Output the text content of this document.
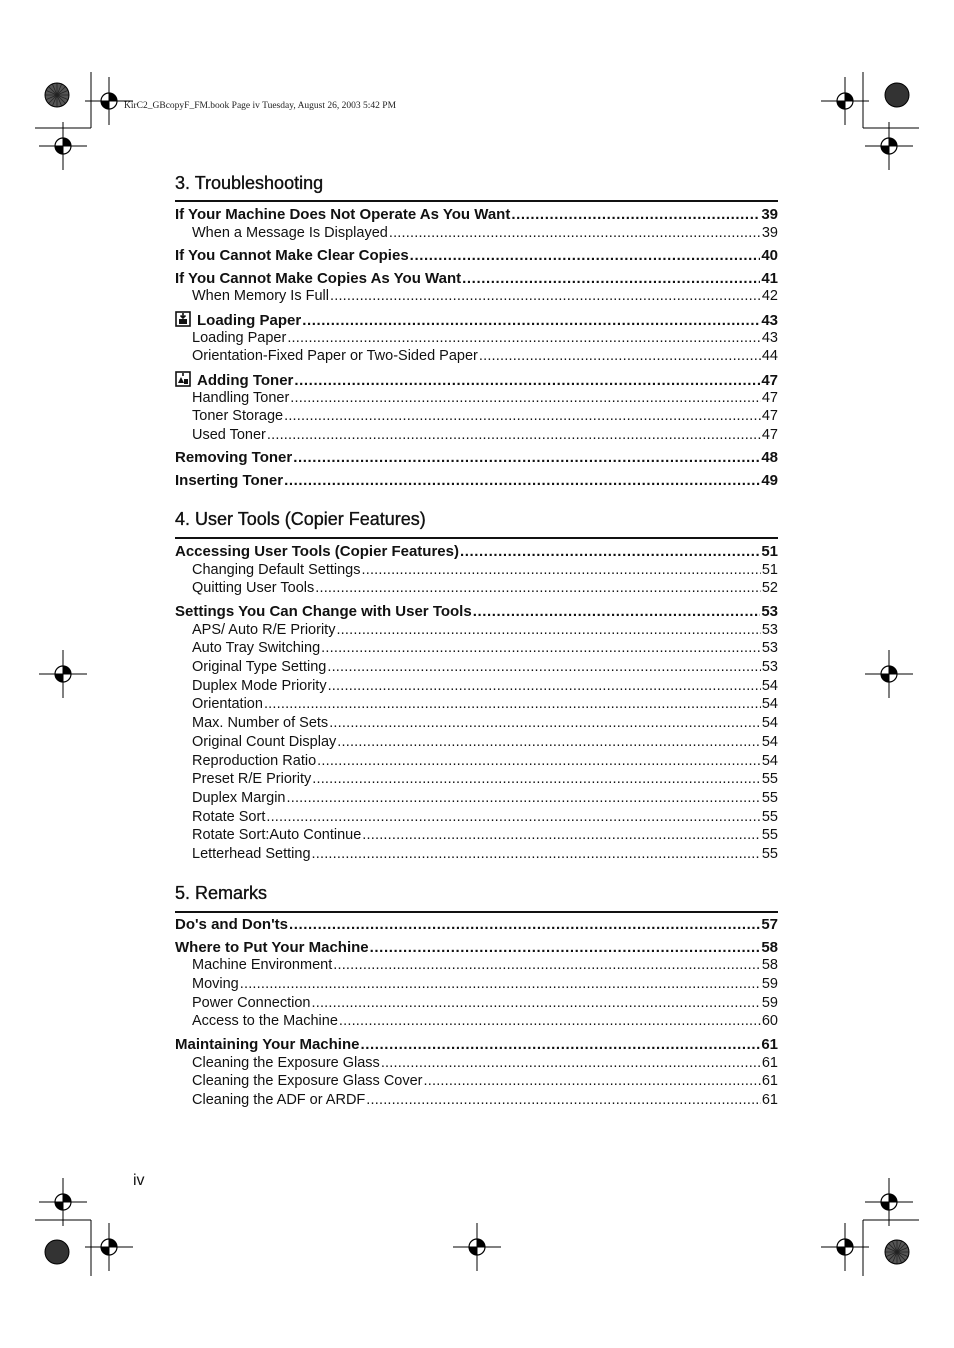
KirC2_GBcopyF_FM.book Page iv Tuesday, August 26, 2003 5:42 PM
3. Troubleshooting
If Your Machine Does Not Operate As You Want .....	39
When a Message Is Displayed .....	39
If You Cannot Make Clear Copies .....	40
If You Cannot Make Copies As You Want .....	41
When Memory Is Full .....	42
Loading Paper .....	43
Loading Paper .....	43
Orientation-Fixed Paper or Two-Sided Paper .....	44
Adding Toner .....	47
Handling Toner .....	47
Toner Storage .....	47
Used Toner .....	47
Removing Toner .....	48
Inserting Toner .....	49
4. User Tools (Copier Features)
Accessing User Tools (Copier Features) .....	51
Changing Default Settings .....	51
Quitting User Tools .....	52
Settings You Can Change with User Tools .....	53
APS/ Auto R/E Priority .....	53
Auto Tray Switching .....	53
Original Type Setting .....	53
Duplex Mode Priority .....	54
Orientation .....	54
Max. Number of Sets .....	54
Original Count Display .....	54
Reproduction Ratio .....	54
Preset R/E Priority .....	55
Duplex Margin .....	55
Rotate Sort .....	55
Rotate Sort:Auto Continue .....	55
Letterhead Setting .....	55
5. Remarks
Do's and Don'ts .....	57
Where to Put Your Machine .....	58
Machine Environment .....	58
Moving .....	59
Power Connection .....	59
Access to the Machine .....	60
Maintaining Your Machine .....	61
Cleaning the Exposure Glass .....	61
Cleaning the Exposure Glass Cover .....	61
Cleaning the ADF or ARDF .....	61
iv
